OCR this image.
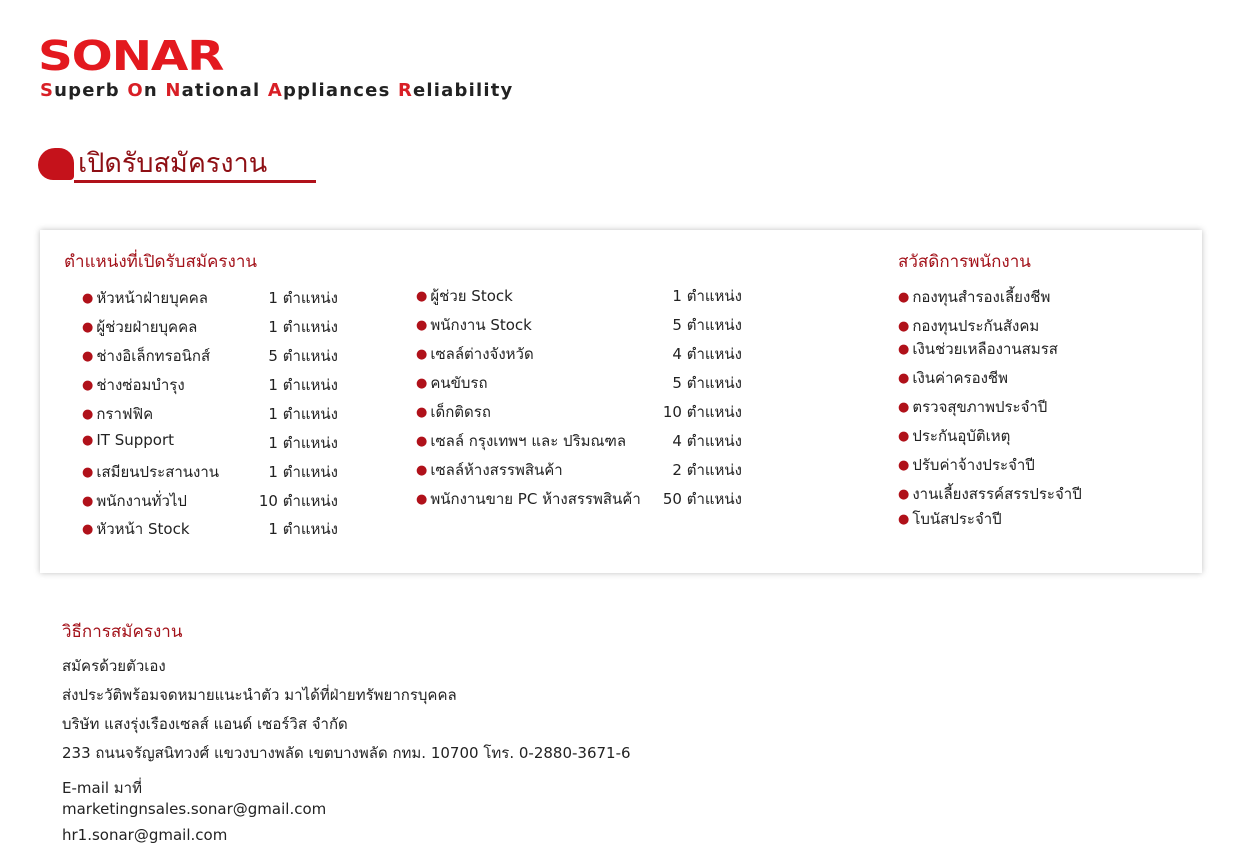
SONAR
Superb On National Appliances Reliability
เปิดรับสมัครงาน
ตำแหน่งที่เปิดรับสมัครงาน
● หัวหน้าฝ่ายบุคคล	1 ตำแหน่ง
● ผู้ช่วยฝ่ายบุคคล	1 ตำแหน่ง
● ช่างอิเล็กทรอนิกส์	5 ตำแหน่ง
● ช่างซ่อมบำรุง	1 ตำแหน่ง
● กราฟฟิค	1 ตำแหน่ง
● IT Support	1 ตำแหน่ง
● เสมียนประสานงาน	1 ตำแหน่ง
● พนักงานทั่วไป	10 ตำแหน่ง
● หัวหน้า Stock	1 ตำแหน่ง
● ผู้ช่วย Stock	1 ตำแหน่ง
● พนักงาน Stock	5 ตำแหน่ง
● เซลล์ต่างจังหวัด	4 ตำแหน่ง
● คนขับรถ	5 ตำแหน่ง
● เด็กติดรถ	10 ตำแหน่ง
● เซลล์ กรุงเทพฯ และ ปริมณฑล	4 ตำแหน่ง
● เซลล์ห้างสรรพสินค้า	2 ตำแหน่ง
● พนักงานขาย PC ห้างสรรพสินค้า	50 ตำแหน่ง
สวัสดิการพนักงาน
● กองทุนสำรองเลี้ยงชีพ
● กองทุนประกันสังคม
● เงินช่วยเหลืองานสมรส
● เงินค่าครองชีพ
● ตรวจสุขภาพประจำปี
● ประกันอุบัติเหตุ
● ปรับค่าจ้างประจำปี
● งานเลี้ยงสรรค์สรรประจำปี
● โบนัสประจำปี
วิธีการสมัครงาน

สมัครด้วยตัวเอง

ส่งประวัติพร้อมจดหมายแนะนำตัว มาได้ที่ฝ่ายทรัพยากรบุคคล

บริษัท แสงรุ่งเรืองเซลส์ แอนด์ เซอร์วิส จำกัด

233 ถนนจรัญสนิทวงศ์ แขวงบางพลัด เขตบางพลัด กทม. 10700 โทร. 0-2880-3671-6

E-mail มาที่

marketingnsales.sonar@gmail.com

hr1.sonar@gmail.com
